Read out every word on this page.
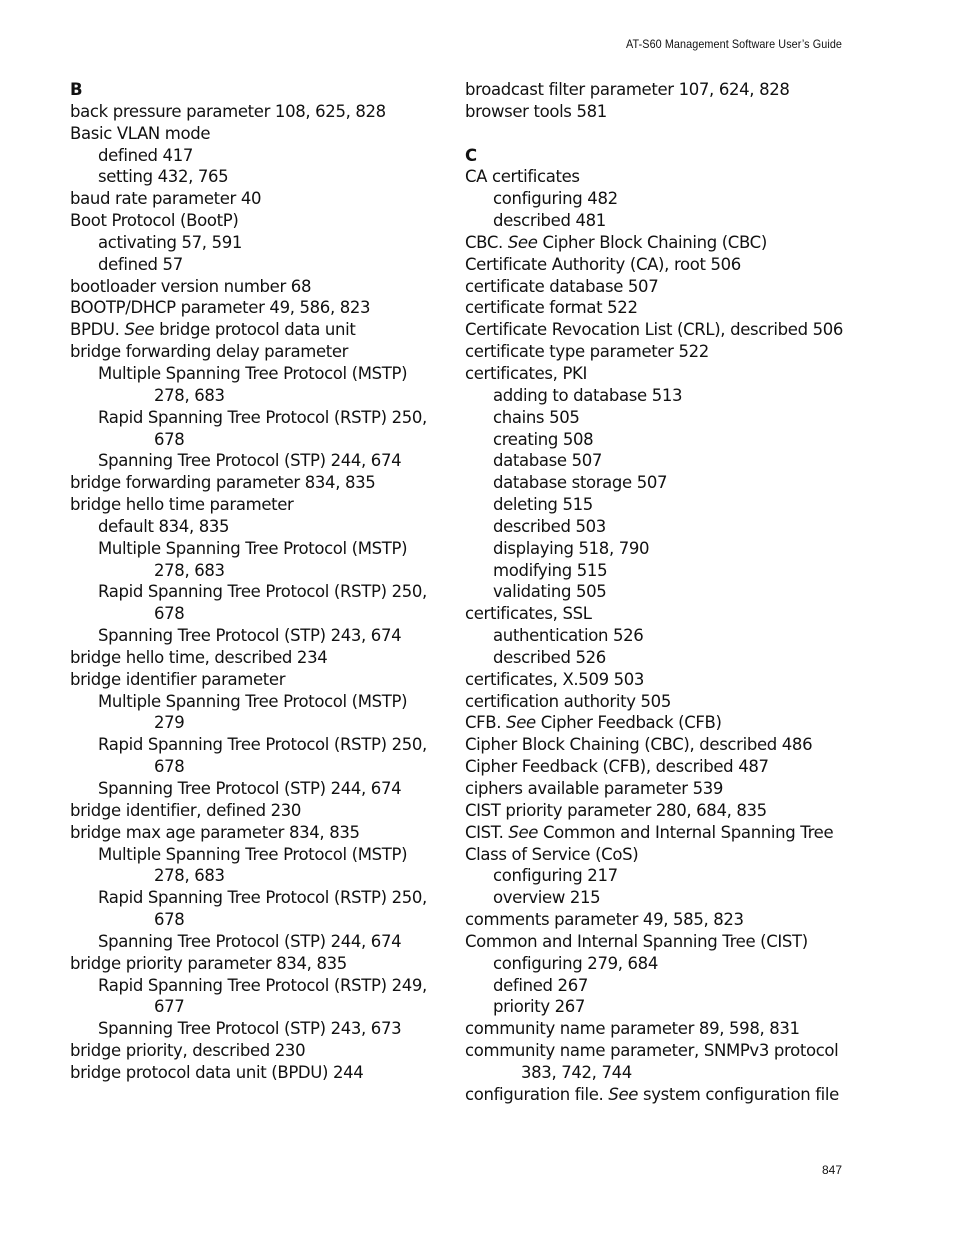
AT-S60 Management Software User’s Guide
B
back pressure parameter 108, 625, 828
Basic VLAN mode
defined 417
setting 432, 765
baud rate parameter 40
Boot Protocol (BootP)
activating 57, 591
defined 57
bootloader version number 68
BOOTP/DHCP parameter 49, 586, 823
BPDU. See bridge protocol data unit
bridge forwarding delay parameter
Multiple Spanning Tree Protocol (MSTP)
278, 683
Rapid Spanning Tree Protocol (RSTP) 250,
678
Spanning Tree Protocol (STP) 244, 674
bridge forwarding parameter 834, 835
bridge hello time parameter
default 834, 835
Multiple Spanning Tree Protocol (MSTP)
278, 683
Rapid Spanning Tree Protocol (RSTP) 250,
678
Spanning Tree Protocol (STP) 243, 674
bridge hello time, described 234
bridge identifier parameter
Multiple Spanning Tree Protocol (MSTP)
279
Rapid Spanning Tree Protocol (RSTP) 250,
678
Spanning Tree Protocol (STP) 244, 674
bridge identifier, defined 230
bridge max age parameter 834, 835
Multiple Spanning Tree Protocol (MSTP)
278, 683
Rapid Spanning Tree Protocol (RSTP) 250,
678
Spanning Tree Protocol (STP) 244, 674
bridge priority parameter 834, 835
Rapid Spanning Tree Protocol (RSTP) 249,
677
Spanning Tree Protocol (STP) 243, 673
bridge priority, described 230
bridge protocol data unit (BPDU) 244
broadcast filter parameter 107, 624, 828
browser tools 581
C
CA certificates
configuring 482
described 481
CBC. See Cipher Block Chaining (CBC)
Certificate Authority (CA), root 506
certificate database 507
certificate format 522
Certificate Revocation List (CRL), described 506
certificate type parameter 522
certificates, PKI
adding to database 513
chains 505
creating 508
database 507
database storage 507
deleting 515
described 503
displaying 518, 790
modifying 515
validating 505
certificates, SSL
authentication 526
described 526
certificates, X.509 503
certification authority 505
CFB. See Cipher Feedback (CFB)
Cipher Block Chaining (CBC), described 486
Cipher Feedback (CFB), described 487
ciphers available parameter 539
CIST priority parameter 280, 684, 835
CIST. See Common and Internal Spanning Tree
Class of Service (CoS)
configuring 217
overview 215
comments parameter 49, 585, 823
Common and Internal Spanning Tree (CIST)
configuring 279, 684
defined 267
priority 267
community name parameter 89, 598, 831
community name parameter, SNMPv3 protocol
383, 742, 744
configuration file. See system configuration file
847
